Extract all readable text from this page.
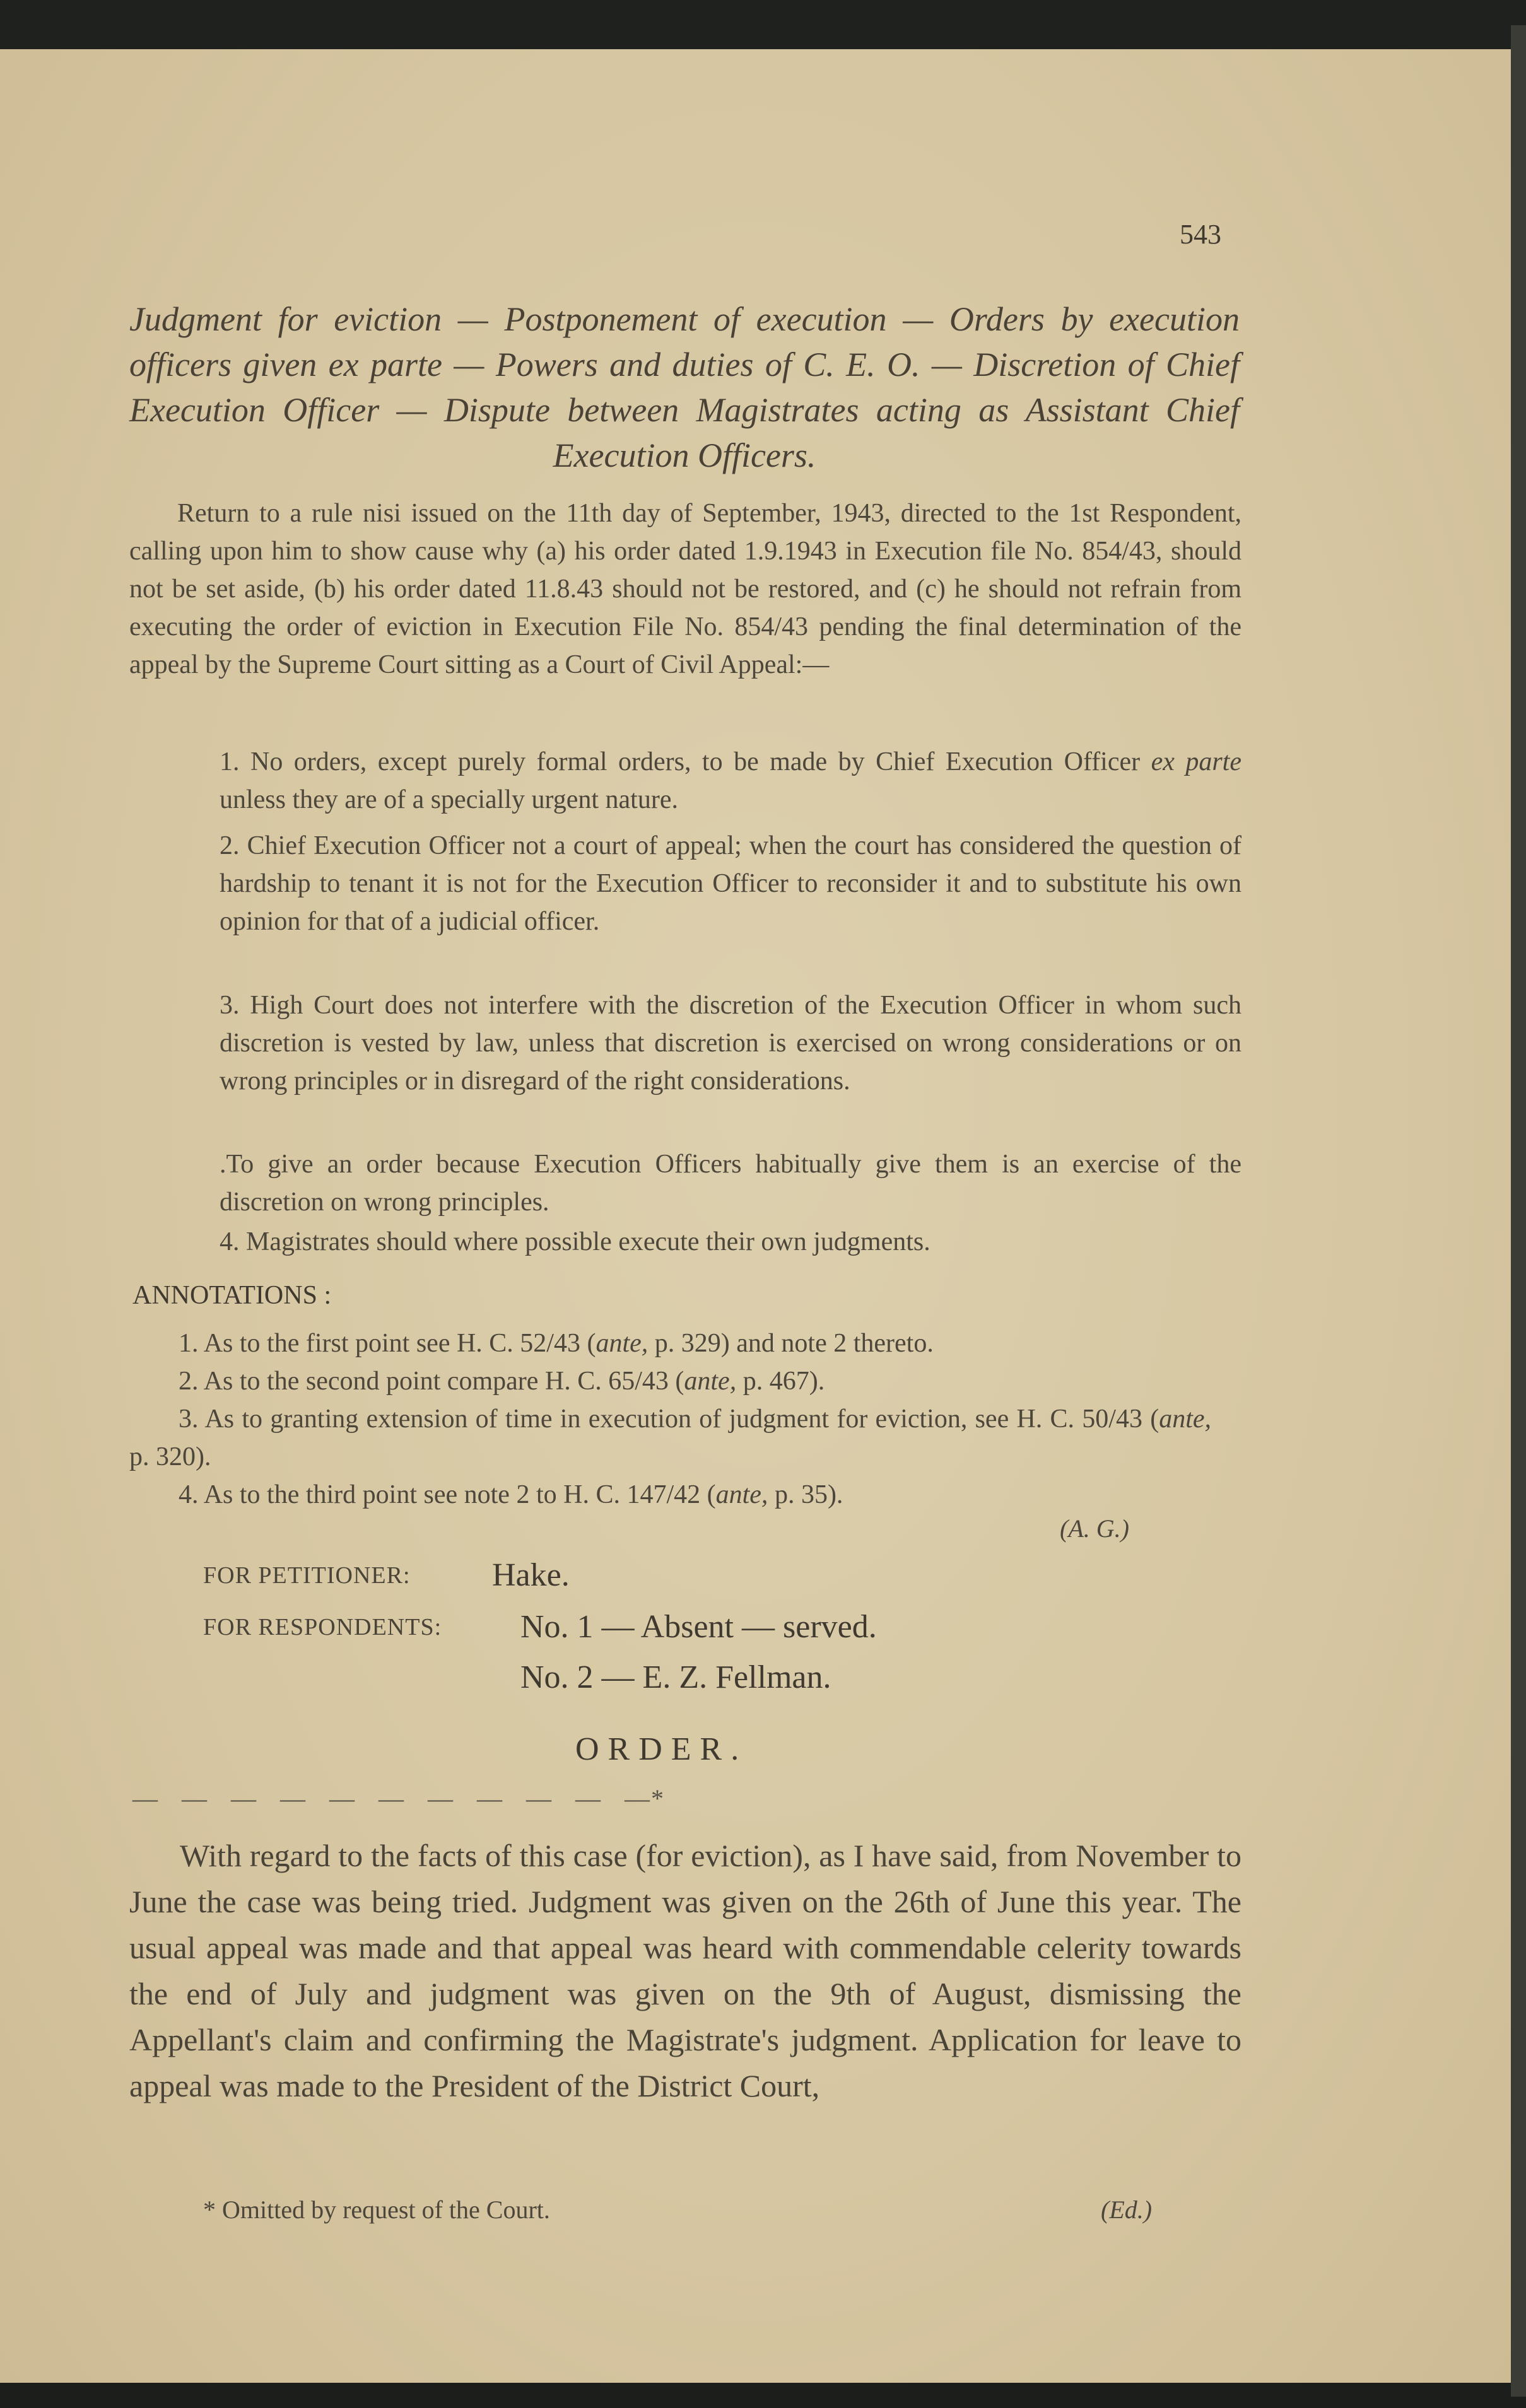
543

Judgment for eviction — Postponement of execution — Orders by execution officers given ex parte — Powers and duties of C. E. O. — Discretion of Chief Execution Officer — Dispute between Magistrates acting as Assistant Chief Execution Officers.

Return to a rule nisi issued on the 11th day of September, 1943, directed to the 1st Respondent, calling upon him to show cause why (a) his order dated 1.9.1943 in Execution file No. 854/43, should not be set aside, (b) his order dated 11.8.43 should not be restored, and (c) he should not refrain from executing the order of eviction in Execution File No. 854/43 pending the final determination of the appeal by the Supreme Court sitting as a Court of Civil Appeal:—

1. No orders, except purely formal orders, to be made by Chief Execution Officer ex parte unless they are of a specially urgent nature.

2. Chief Execution Officer not a court of appeal; when the court has considered the question of hardship to tenant it is not for the Execution Officer to reconsider it and to substitute his own opinion for that of a judicial officer.

3. High Court does not interfere with the discretion of the Execution Officer in whom such discretion is vested by law, unless that discretion is exercised on wrong considerations or on wrong principles or in disregard of the right considerations.

.To give an order because Execution Officers habitually give them is an exercise of the discretion on wrong principles.

4. Magistrates should where possible execute their own judgments.

ANNOTATIONS :

1. As to the first point see H. C. 52/43 (ante, p. 329) and note 2 thereto.

2. As to the second point compare H. C. 65/43 (ante, p. 467).

3. As to granting extension of time in execution of judgment for eviction, see H. C. 50/43 (ante, p. 320).

4. As to the third point see note 2 to H. C. 147/42 (ante, p. 35).

(A. G.)
FOR PETITIONER: Hake.
FOR RESPONDENTS: No. 1 — Absent — served.
No. 2 — E. Z. Fellman.
ORDER.
—   —   —   —   —   —   —   —   —   —   —*

With regard to the facts of this case (for eviction), as I have said, from November to June the case was being tried. Judgment was given on the 26th of June this year. The usual appeal was made and that appeal was heard with commendable celerity towards the end of July and judgment was given on the 9th of August, dismissing the Appellant's claim and confirming the Magistrate's judgment. Application for leave to appeal was made to the President of the District Court,

* Omitted by request of the Court.	(Ed.)
